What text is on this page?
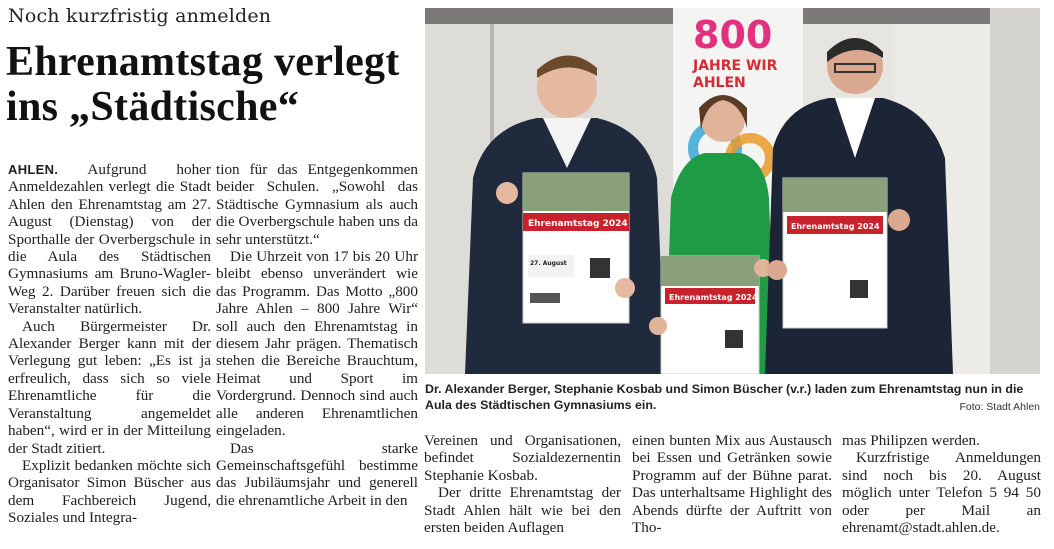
Noch kurzfristig anmelden
Ehrenamtstag verlegt
ins „Städtische“

AHLEN. Aufgrund hoher Anmeldezahlen verlegt die Stadt Ahlen den Ehrenamtstag am 27. August (Dienstag) von der Sporthalle der Overbergschule in die Aula des Städtischen Gymnasiums am Bruno-Wagler-Weg 2. Darüber freuen sich die Veranstalter natürlich.

Auch Bürgermeister Dr. Alexander Berger kann mit der Verlegung gut leben: „Es ist ja erfreulich, dass sich so viele Ehrenamtliche für die Veranstaltung angemeldet haben“, wird er in der Mitteilung der Stadt zitiert.

Explizit bedanken möchte sich Organisator Simon Büscher aus dem Fachbereich Jugend, Soziales und Integra-

tion für das Entgegenkommen beider Schulen. „Sowohl das Städtische Gymnasium als auch die Overbergschule haben uns da sehr unterstützt.“

Die Uhrzeit von 17 bis 20 Uhr bleibt ebenso unverändert wie das Programm. Das Motto „800 Jahre Ahlen – 800 Jahre Wir“ soll auch den Ehrenamtstag in diesem Jahr prägen. Thematisch stehen die Bereiche Brauchtum, Heimat und Sport im Vordergrund. Dennoch sind auch alle anderen Ehrenamtlichen eingeladen.

Das starke Gemeinschaftsgefühl bestimme das Jubiläumsjahr und generell die ehrenamtliche Arbeit in den

800
JAHRE WIR
AHLEN
Ehrenamtstag 2024
27. August
Ehrenamtstag 2024
Ehrenamtstag 2024
Dr. Alexander Berger, Stephanie Kosbab und Simon Büscher (v.r.) laden zum Ehrenamtstag nun in die Aula des Städtischen Gymnasiums ein.	Foto: Stadt Ahlen

Vereinen und Organisationen, befindet Sozialdezernentin Stephanie Kosbab.

Der dritte Ehrenamtstag der Stadt Ahlen hält wie bei den ersten beiden Auflagen

einen bunten Mix aus Austausch bei Essen und Getränken sowie Programm auf der Bühne parat. Das unterhaltsame Highlight des Abends dürfte der Auftritt von Tho-

mas Philipzen werden.

Kurzfristige Anmeldungen sind noch bis 20. August möglich unter Telefon 5 94 50 oder per Mail an ehrenamt@stadt.ahlen.de.
